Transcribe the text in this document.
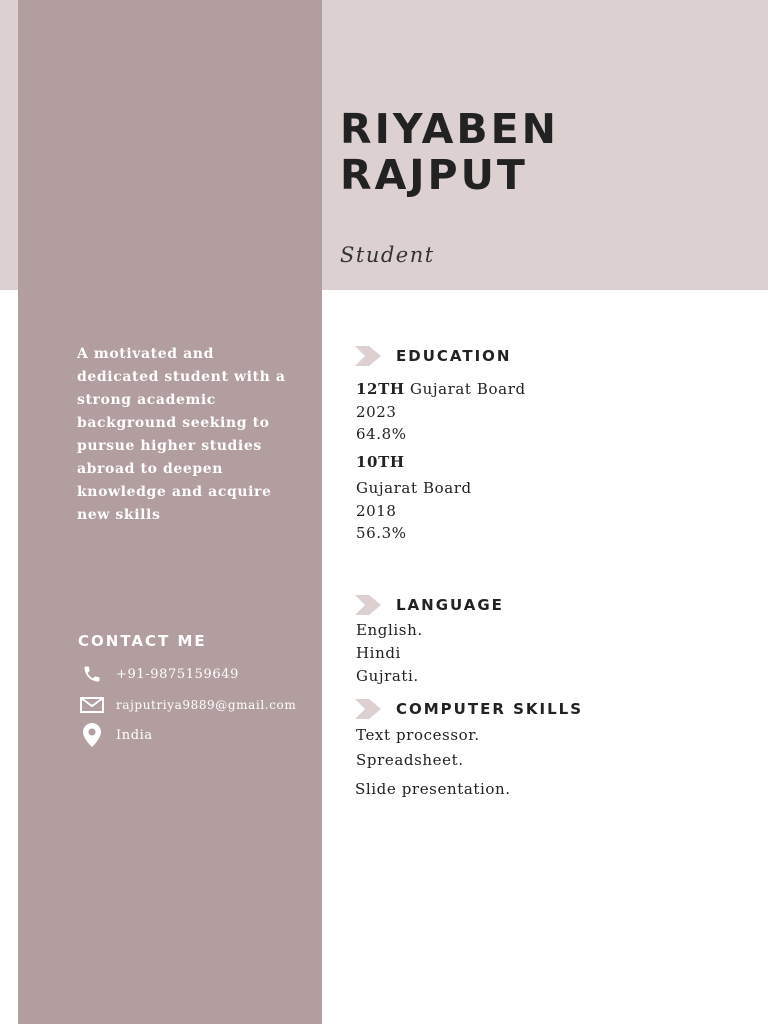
RIYABEN
RAJPUT
Student
A motivated and dedicated student with a strong academic background seeking to pursue higher studies abroad to deepen knowledge and acquire new skills
CONTACT ME
+91-9875159649
rajputriya9889@gmail.com
India
EDUCATION
12TH Gujarat Board
2023
64.8%
10TH
Gujarat Board
2018
56.3%
LANGUAGE
English.
Hindi
Gujrati.
COMPUTER SKILLS
Text processor.
Spreadsheet.
Slide presentation.
